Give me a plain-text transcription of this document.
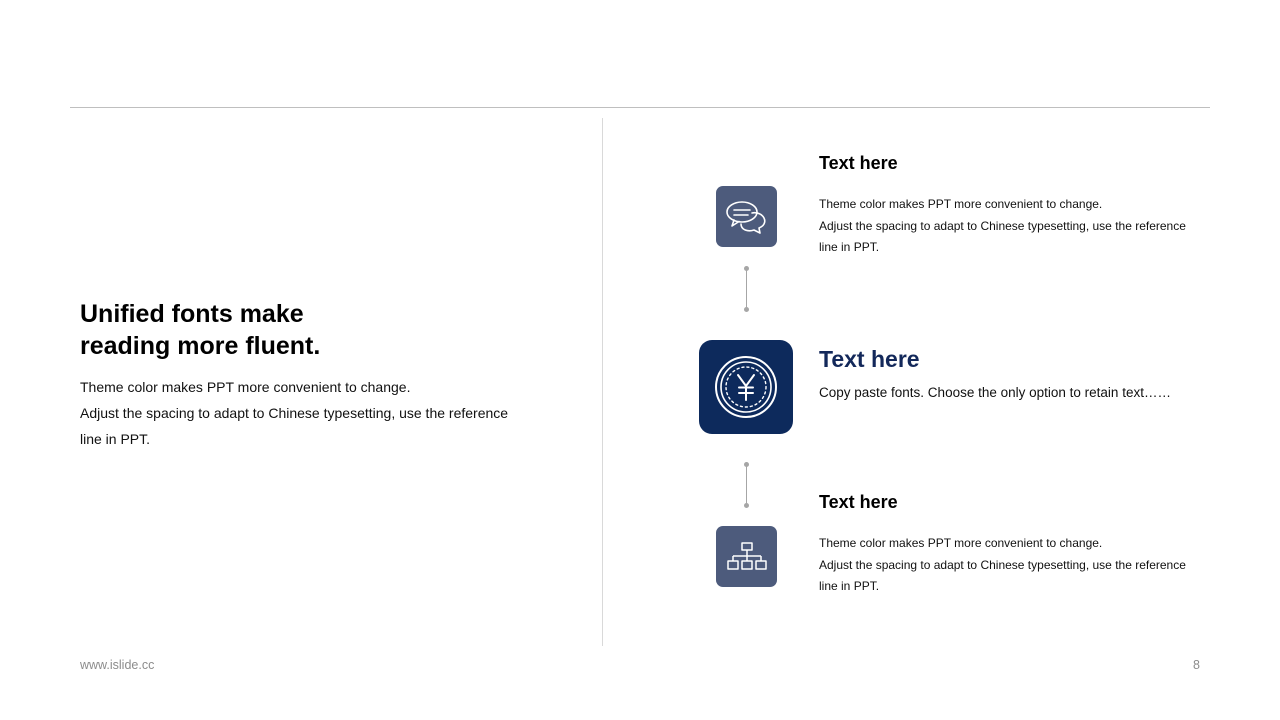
Unified fonts make
reading more fluent.
Theme color makes PPT more convenient to change.
Adjust the spacing to adapt to Chinese typesetting, use the reference line in PPT.
Text here
Theme color makes PPT more convenient to change.
Adjust the spacing to adapt to Chinese typesetting, use the reference line in PPT.
Text here
Copy paste fonts. Choose the only option to retain text……
Text here
Theme color makes PPT more convenient to change.
Adjust the spacing to adapt to Chinese typesetting, use the reference line in PPT.
www.islide.cc	8
